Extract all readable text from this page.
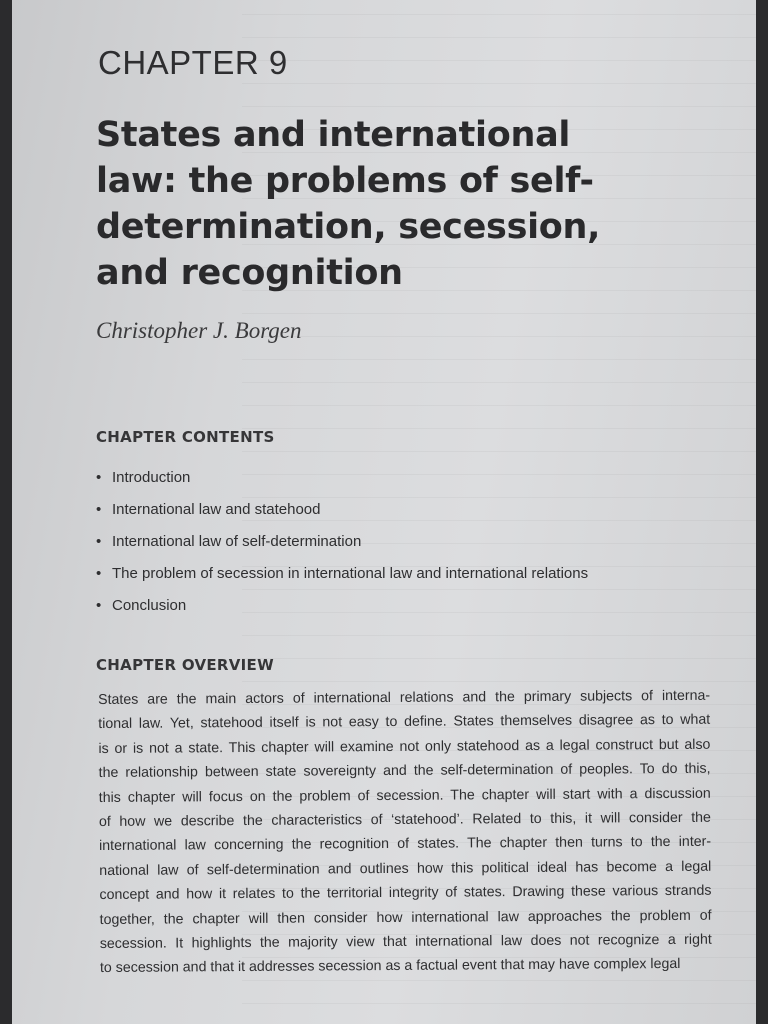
CHAPTER 9
States and international
law: the problems of self-
determination, secession,
and recognition
Christopher J. Borgen
CHAPTER CONTENTS
• Introduction
• International law and statehood
• International law of self-determination
• The problem of secession in international law and international relations
• Conclusion
CHAPTER OVERVIEW
States are the main actors of international relations and the primary subjects of interna-
tional law. Yet, statehood itself is not easy to define. States themselves disagree as to what
is or is not a state. This chapter will examine not only statehood as a legal construct but also
the relationship between state sovereignty and the self-determination of peoples. To do this,
this chapter will focus on the problem of secession. The chapter will start with a discussion
of how we describe the characteristics of ‘statehood’. Related to this, it will consider the
international law concerning the recognition of states. The chapter then turns to the inter-
national law of self-determination and outlines how this political ideal has become a legal
concept and how it relates to the territorial integrity of states. Drawing these various strands
together, the chapter will then consider how international law approaches the problem of
secession. It highlights the majority view that international law does not recognize a right
to secession and that it addresses secession as a factual event that may have complex legal
